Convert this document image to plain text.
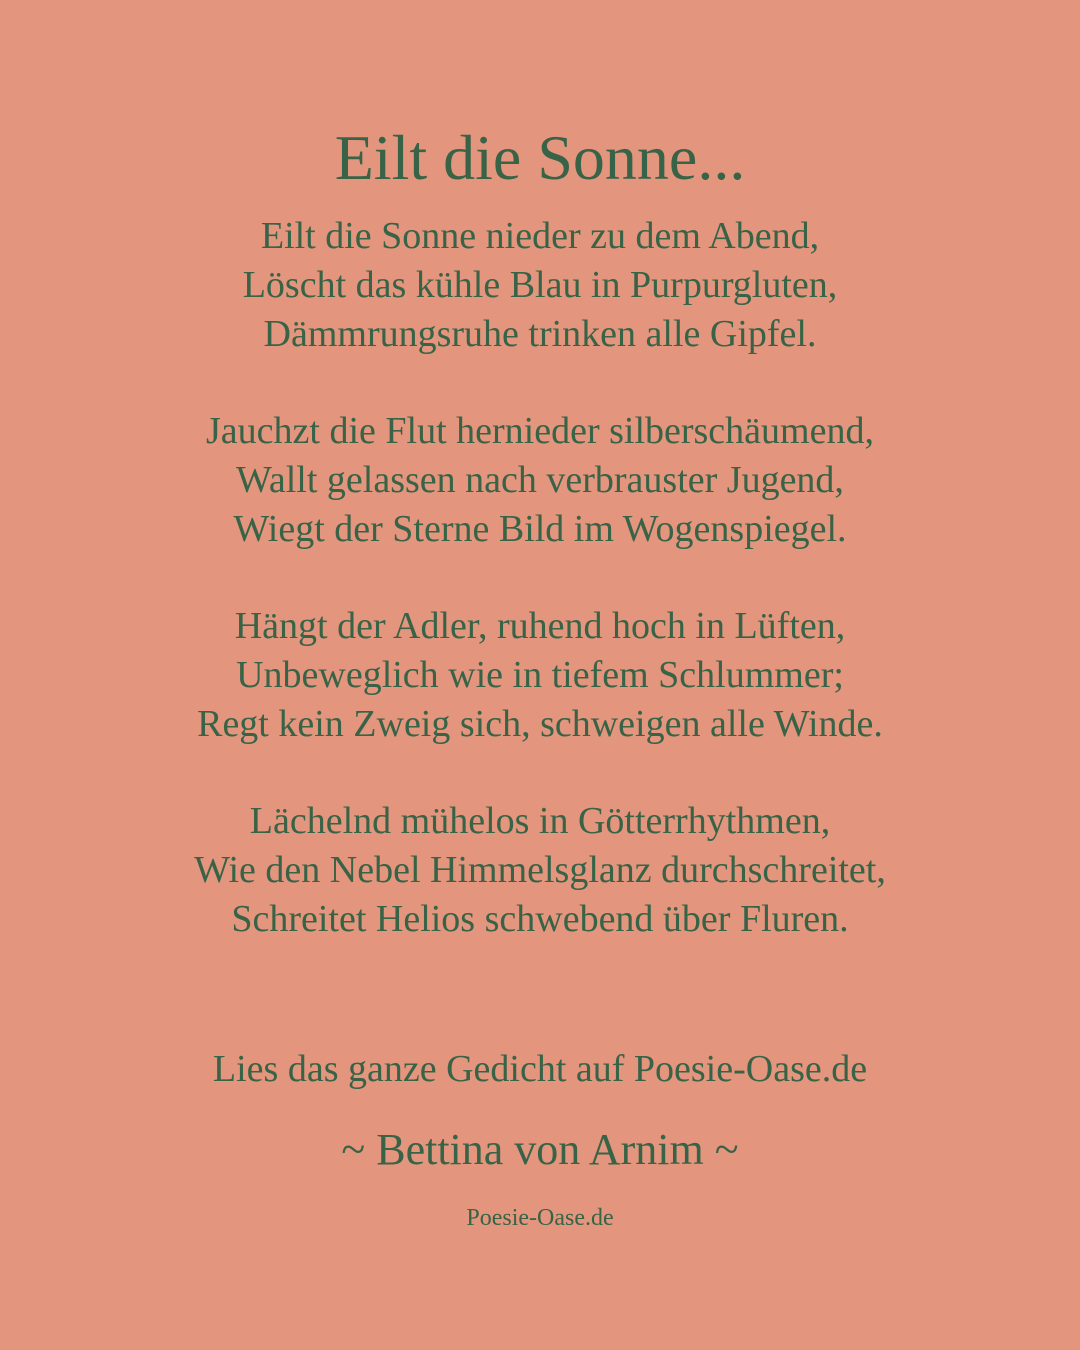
Eilt die Sonne...
Eilt die Sonne nieder zu dem Abend,
Löscht das kühle Blau in Purpurgluten,
Dämmrungsruhe trinken alle Gipfel.
Jauchzt die Flut hernieder silberschäumend,
Wallt gelassen nach verbrauster Jugend,
Wiegt der Sterne Bild im Wogenspiegel.
Hängt der Adler, ruhend hoch in Lüften,
Unbeweglich wie in tiefem Schlummer;
Regt kein Zweig sich, schweigen alle Winde.
Lächelnd mühelos in Götterrhythmen,
Wie den Nebel Himmelsglanz durchschreitet,
Schreitet Helios schwebend über Fluren.
Lies das ganze Gedicht auf Poesie-Oase.de
~ Bettina von Arnim ~
Poesie-Oase.de
